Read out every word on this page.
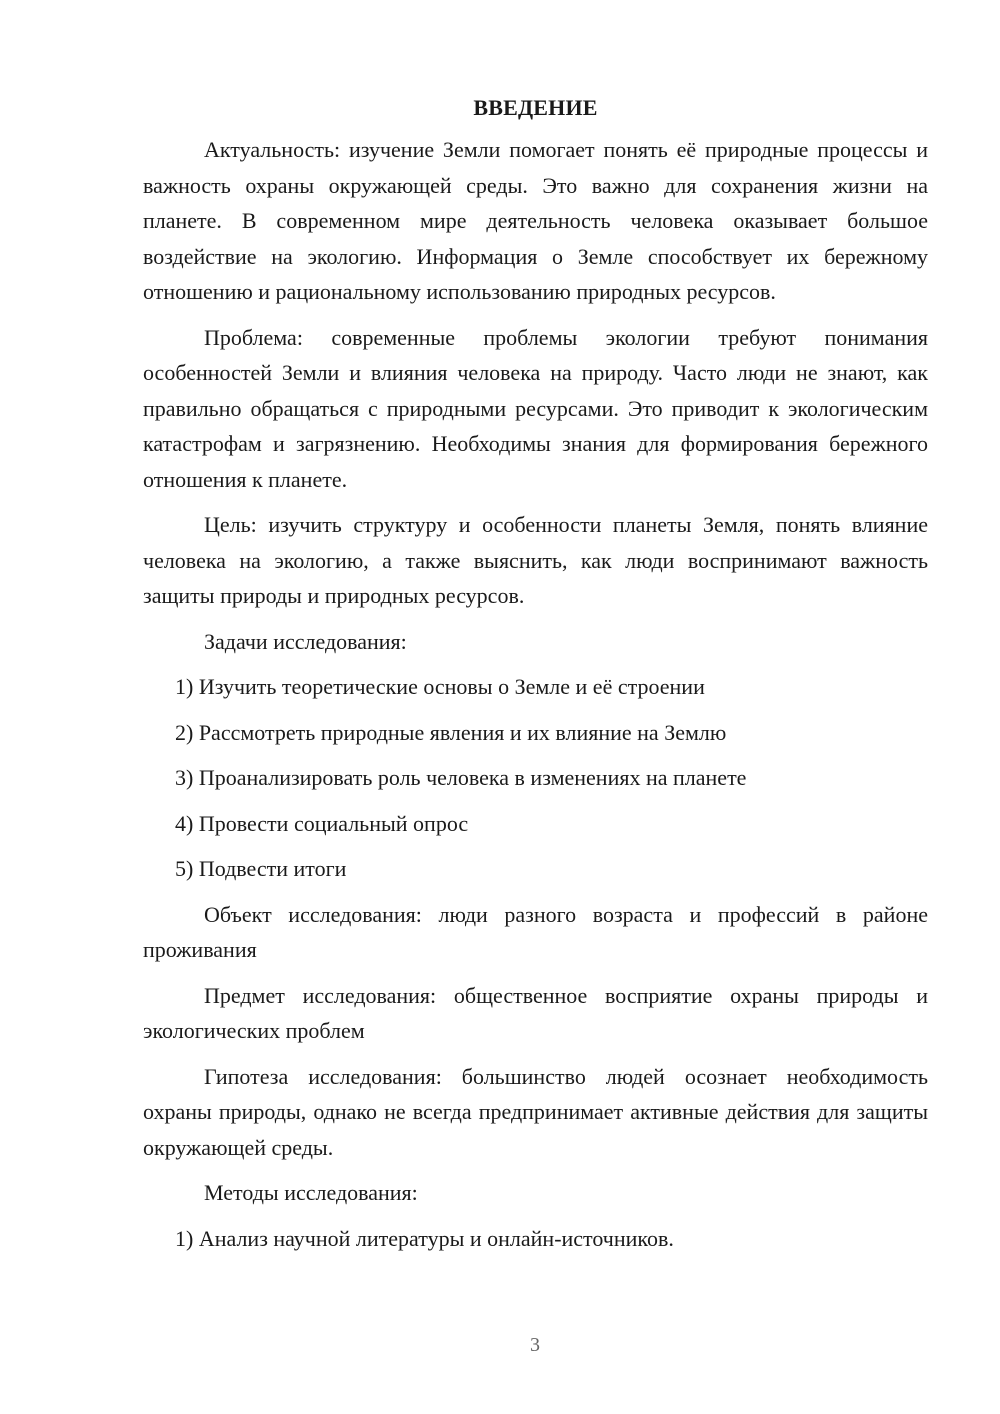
ВВЕДЕНИЕ

Актуальность: изучение Земли помогает понять её природные процессы и важность охраны окружающей среды. Это важно для сохранения жизни на планете. В современном мире деятельность человека оказывает большое воздействие на экологию. Информация о Земле способствует их бережному отношению и рациональному использованию природных ресурсов.

Проблема: современные проблемы экологии требуют понимания особенностей Земли и влияния человека на природу. Часто люди не знают, как правильно обращаться с природными ресурсами. Это приводит к экологическим катастрофам и загрязнению. Необходимы знания для формирования бережного отношения к планете.

Цель: изучить структуру и особенности планеты Земля, понять влияние человека на экологию, а также выяснить, как люди воспринимают важность защиты природы и природных ресурсов.

Задачи исследования:

1) Изучить теоретические основы о Земле и её строении
2) Рассмотреть природные явления и их влияние на Землю
3) Проанализировать роль человека в изменениях на планете
4) Провести социальный опрос
5) Подвести итоги

Объект исследования: люди разного возраста и профессий в районе проживания

Предмет исследования: общественное восприятие охраны природы и экологических проблем

Гипотеза исследования: большинство людей осознает необходимость охраны природы, однако не всегда предпринимает активные действия для защиты окружающей среды.

Методы исследования:

1) Анализ научной литературы и онлайн-источников.
3
